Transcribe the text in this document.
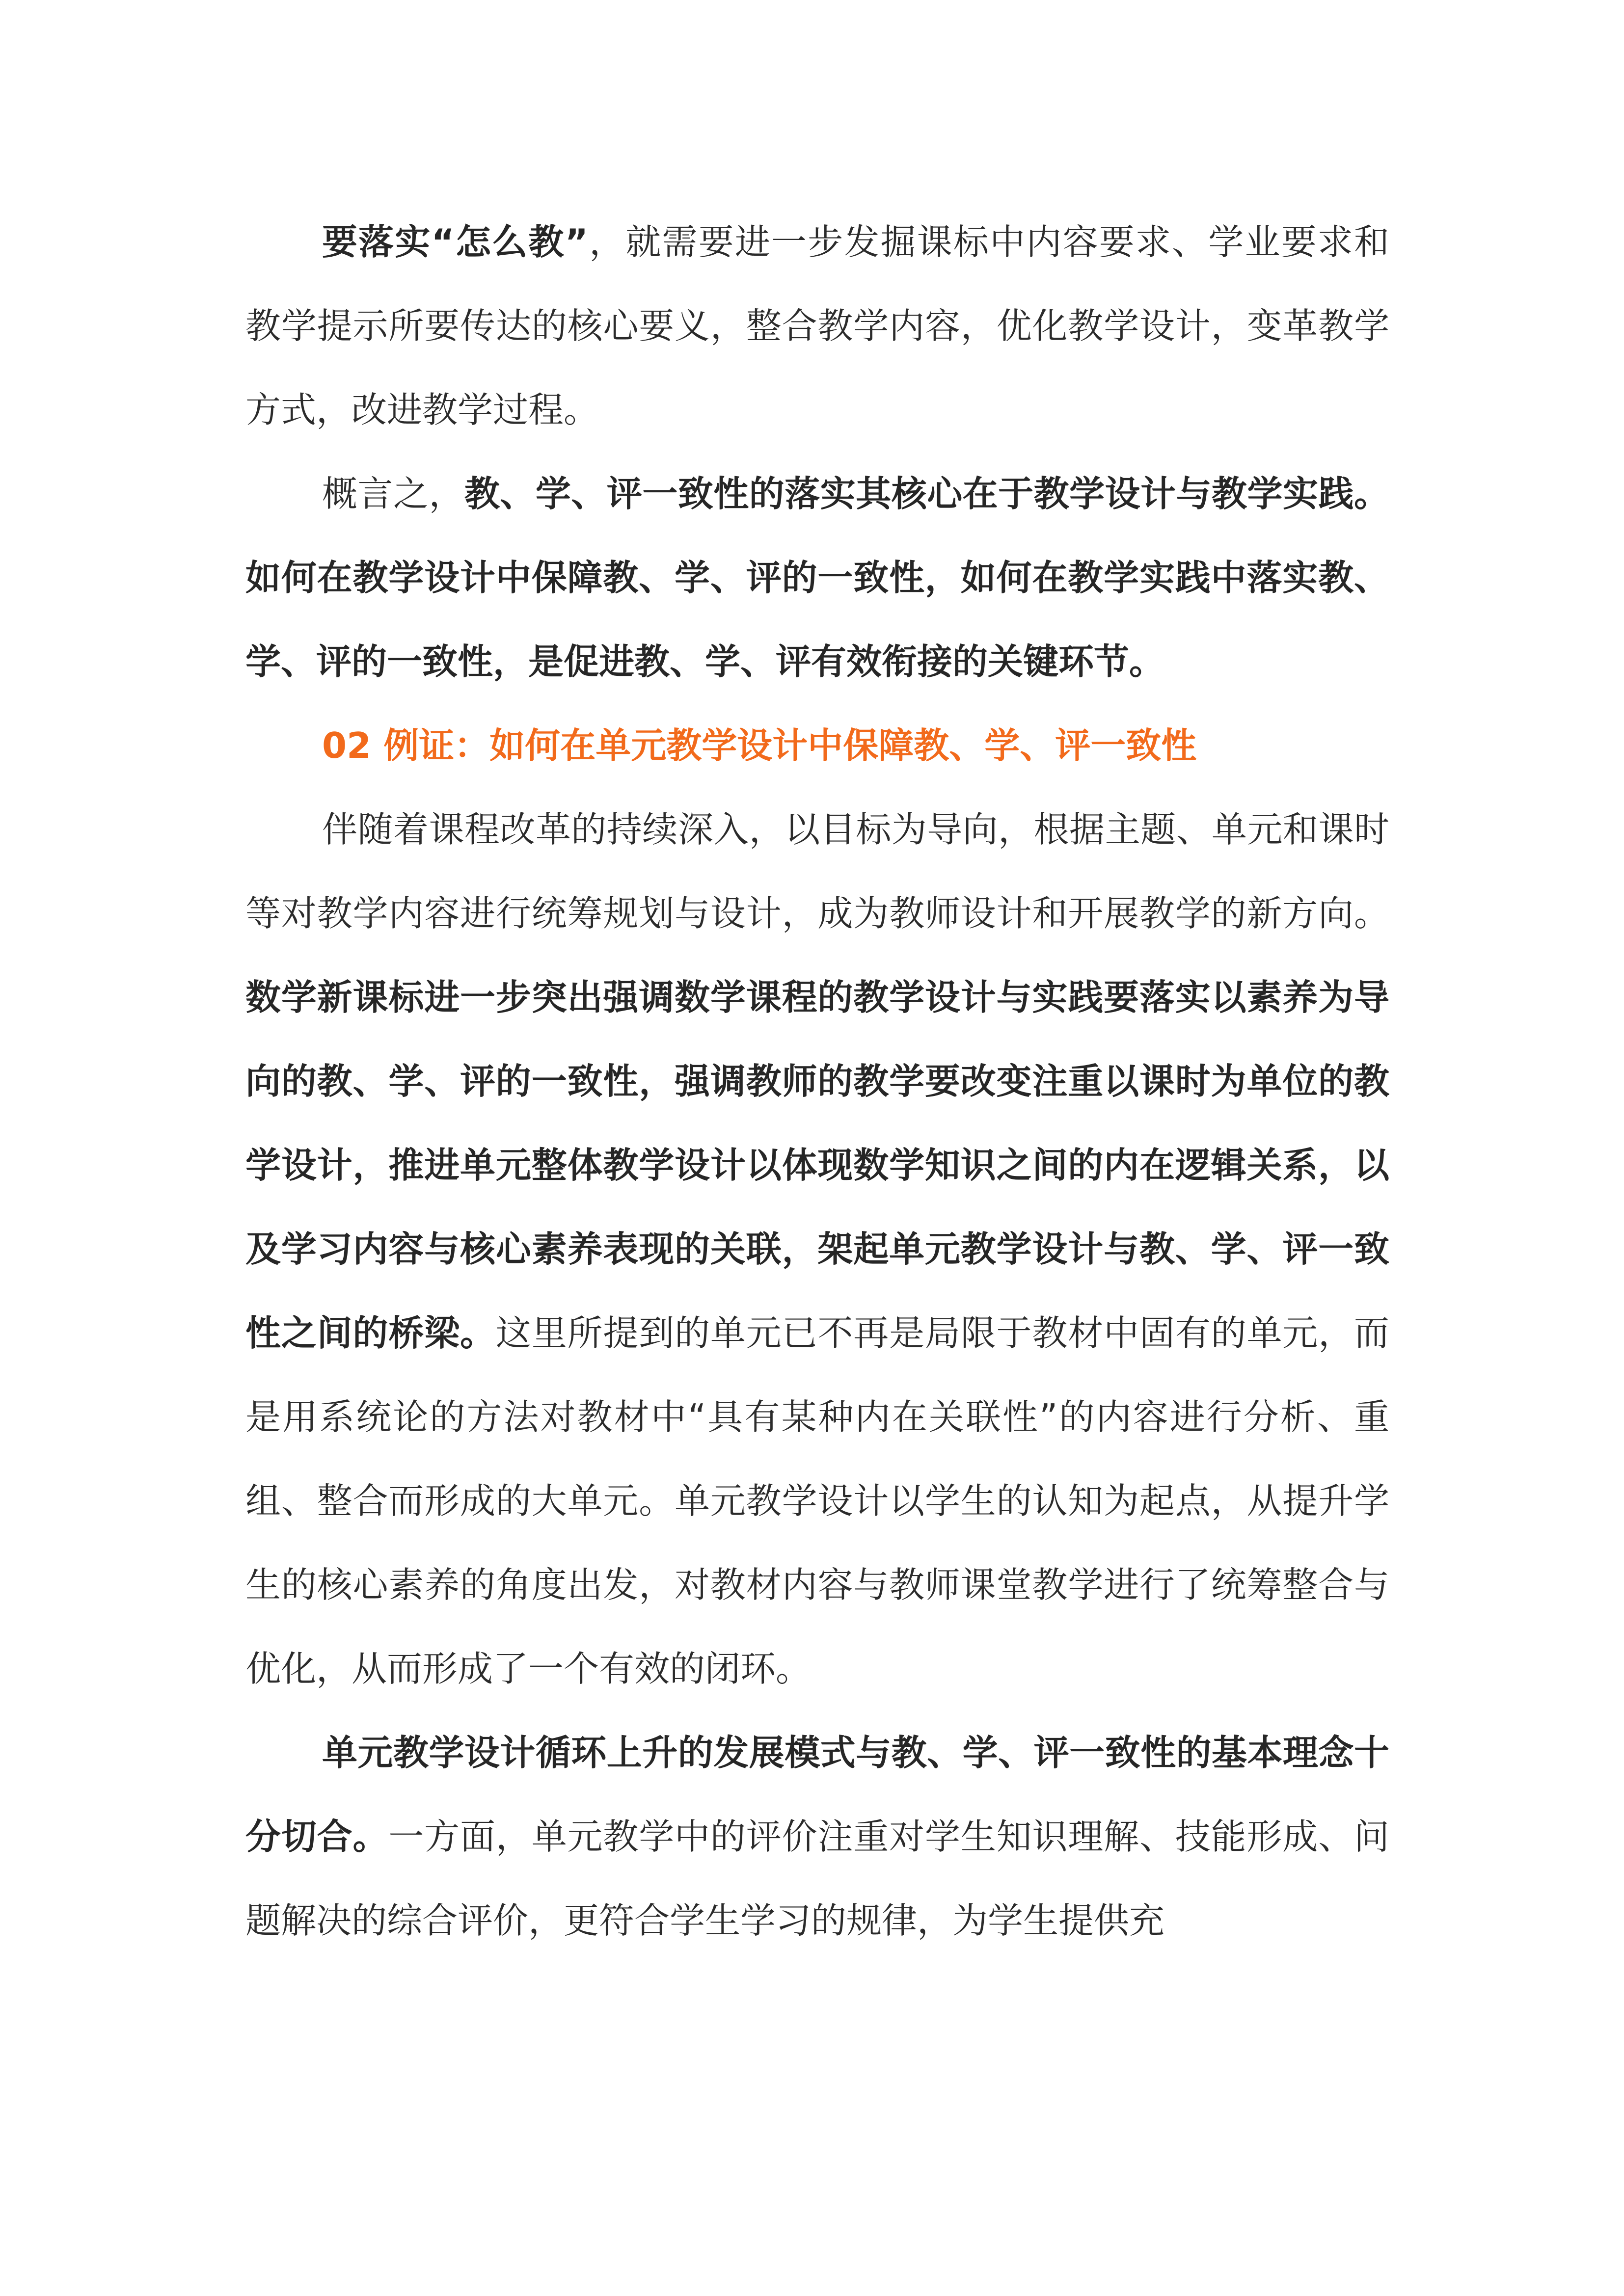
要落实“怎么教”，就需要进一步发掘课标中内容要求、学业要求和教学提示所要传达的核心要义，整合教学内容，优化教学设计，变革教学方式，改进教学过程。

概言之，教、学、评一致性的落实其核心在于教学设计与教学实践。如何在教学设计中保障教、学、评的一致性，如何在教学实践中落实教、学、评的一致性，是促进教、学、评有效衔接的关键环节。

02 例证：如何在单元教学设计中保障教、学、评一致性

伴随着课程改革的持续深入，以目标为导向，根据主题、单元和课时等对教学内容进行统筹规划与设计，成为教师设计和开展教学的新方向。数学新课标进一步突出强调数学课程的教学设计与实践要落实以素养为导向的教、学、评的一致性，强调教师的教学要改变注重以课时为单位的教学设计，推进单元整体教学设计以体现数学知识之间的内在逻辑关系，以及学习内容与核心素养表现的关联，架起单元教学设计与教、学、评一致性之间的桥梁。这里所提到的单元已不再是局限于教材中固有的单元，而是用系统论的方法对教材中“具有某种内在关联性”的内容进行分析、重组、整合而形成的大单元。单元教学设计以学生的认知为起点，从提升学生的核心素养的角度出发，对教材内容与教师课堂教学进行了统筹整合与优化，从而形成了一个有效的闭环。

单元教学设计循环上升的发展模式与教、学、评一致性的基本理念十分切合。一方面，单元教学中的评价注重对学生知识理解、技能形成、问题解决的综合评价，更符合学生学习的规律，为学生提供充
